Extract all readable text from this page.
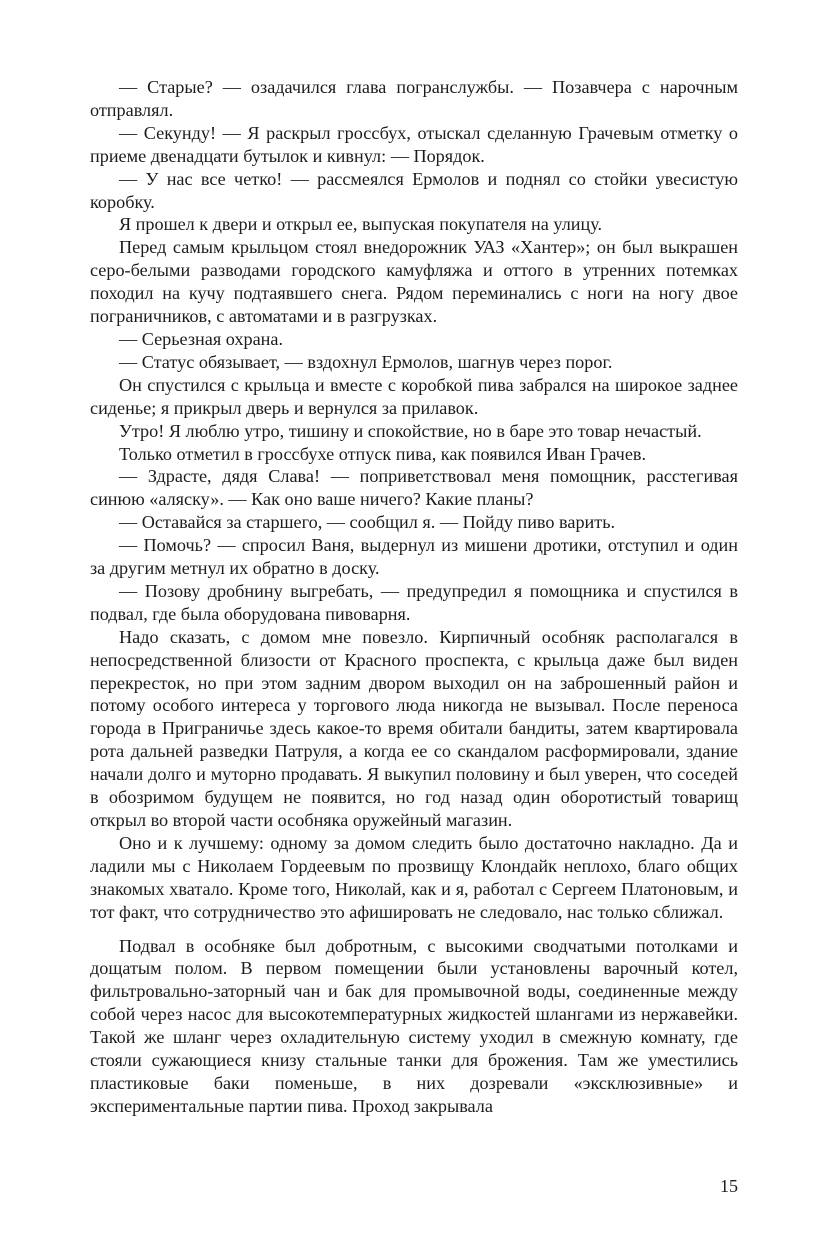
— Старые? — озадачился глава погранслужбы. — Позавчера с нарочным отправлял.

— Секунду! — Я раскрыл гроссбух, отыскал сделанную Грачевым отметку о приеме двенадцати бутылок и кивнул: — Порядок.

— У нас все четко! — рассмеялся Ермолов и поднял со стойки увесистую коробку.

Я прошел к двери и открыл ее, выпуская покупателя на улицу.

Перед самым крыльцом стоял внедорожник УАЗ «Хантер»; он был выкрашен серо-белыми разводами городского камуфляжа и оттого в утренних потемках походил на кучу подтаявшего снега. Рядом переминались с ноги на ногу двое пограничников, с автоматами и в разгрузках.

— Серьезная охрана.

— Статус обязывает, — вздохнул Ермолов, шагнув через порог.

Он спустился с крыльца и вместе с коробкой пива забрался на широкое заднее сиденье; я прикрыл дверь и вернулся за прилавок.

Утро! Я люблю утро, тишину и спокойствие, но в баре это товар нечастый.

Только отметил в гроссбухе отпуск пива, как появился Иван Грачев.

— Здрасте, дядя Слава! — поприветствовал меня помощник, расстегивая синюю «аляску». — Как оно ваше ничего? Какие планы?

— Оставайся за старшего, — сообщил я. — Пойду пиво варить.

— Помочь? — спросил Ваня, выдернул из мишени дротики, отступил и один за другим метнул их обратно в доску.

— Позову дробнину выгребать, — предупредил я помощника и спустился в подвал, где была оборудована пивоварня.

Надо сказать, с домом мне повезло. Кирпичный особняк располагался в непосредственной близости от Красного проспекта, с крыльца даже был виден перекресток, но при этом задним двором выходил он на заброшенный район и потому особого интереса у торгового люда никогда не вызывал. После переноса города в Приграничье здесь какое-то время обитали бандиты, затем квартировала рота дальней разведки Патруля, а когда ее со скандалом расформировали, здание начали долго и муторно продавать. Я выкупил половину и был уверен, что соседей в обозримом будущем не появится, но год назад один оборотистый товарищ открыл во второй части особняка оружейный магазин.

Оно и к лучшему: одному за домом следить было достаточно накладно. Да и ладили мы с Николаем Гордеевым по прозвищу Клондайк неплохо, благо общих знакомых хватало. Кроме того, Николай, как и я, работал с Сергеем Платоновым, и тот факт, что сотрудничество это афишировать не следовало, нас только сближал.

Подвал в особняке был добротным, с высокими сводчатыми потолками и дощатым полом. В первом помещении были установлены варочный котел, фильтровально-заторный чан и бак для промывочной воды, соединенные между собой через насос для высокотемпературных жидкостей шлангами из нержавейки. Такой же шланг через охладительную систему уходил в смежную комнату, где стояли сужающиеся книзу стальные танки для брожения. Там же уместились пластиковые баки поменьше, в них дозревали «эксклюзивные» и экспериментальные партии пива. Проход закрывала

15
